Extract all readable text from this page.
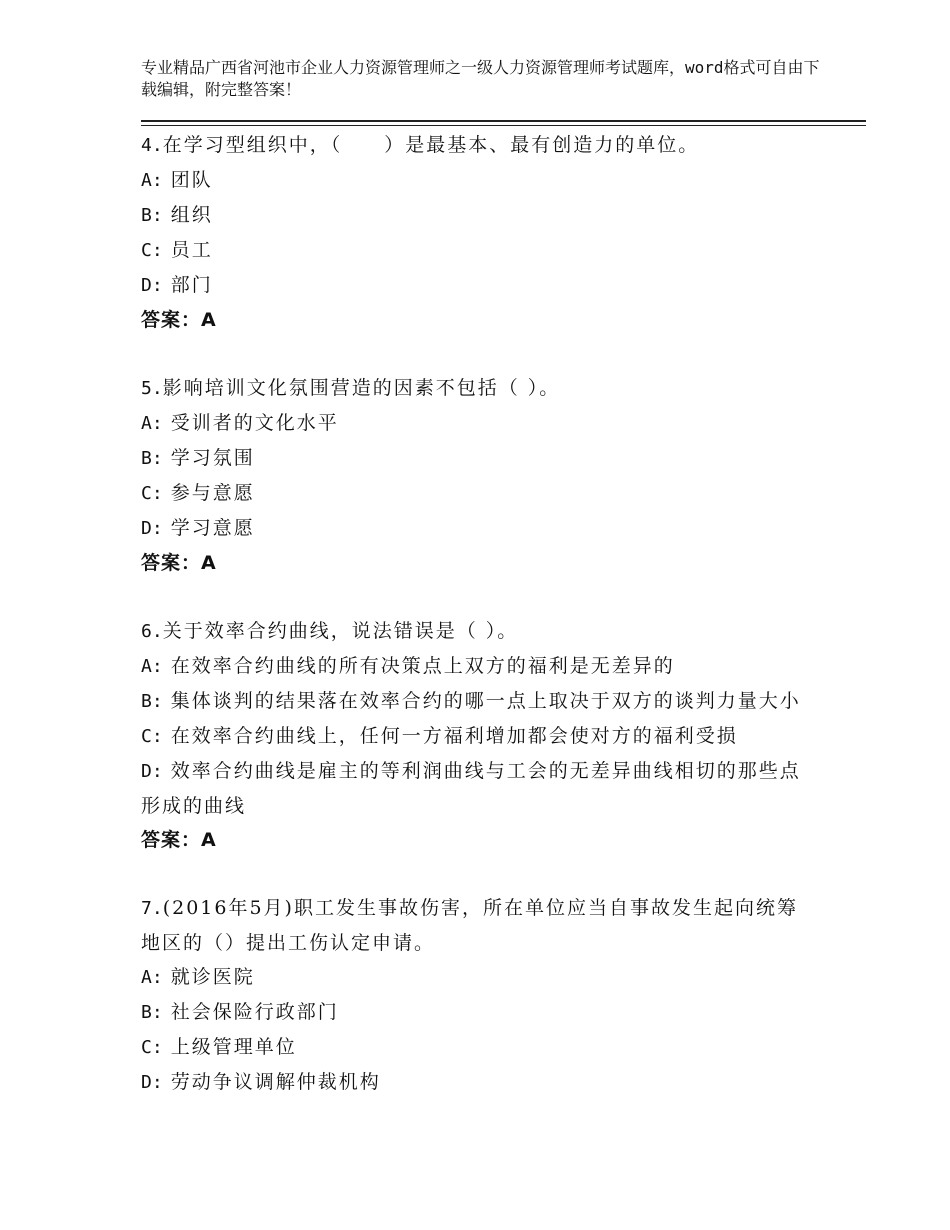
专业精品广西省河池市企业人力资源管理师之一级人力资源管理师考试题库，word格式可自由下载编辑，附完整答案！
4.在学习型组织中，（　　）是最基本、最有创造力的单位。
A: 团队
B: 组织
C: 员工
D: 部门
答案：A
5.影响培训文化氛围营造的因素不包括（ ）。
A: 受训者的文化水平
B: 学习氛围
C: 参与意愿
D: 学习意愿
答案：A
6.关于效率合约曲线，说法错误是（ ）。
A: 在效率合约曲线的所有决策点上双方的福利是无差异的
B: 集体谈判的结果落在效率合约的哪一点上取决于双方的谈判力量大小
C: 在效率合约曲线上，任何一方福利增加都会使对方的福利受损
D: 效率合约曲线是雇主的等利润曲线与工会的无差异曲线相切的那些点形成的曲线
答案：A
7.(2016年5月)职工发生事故伤害，所在单位应当自事故发生起向统筹地区的（）提出工伤认定申请。
A: 就诊医院
B: 社会保险行政部门
C: 上级管理单位
D: 劳动争议调解仲裁机构
